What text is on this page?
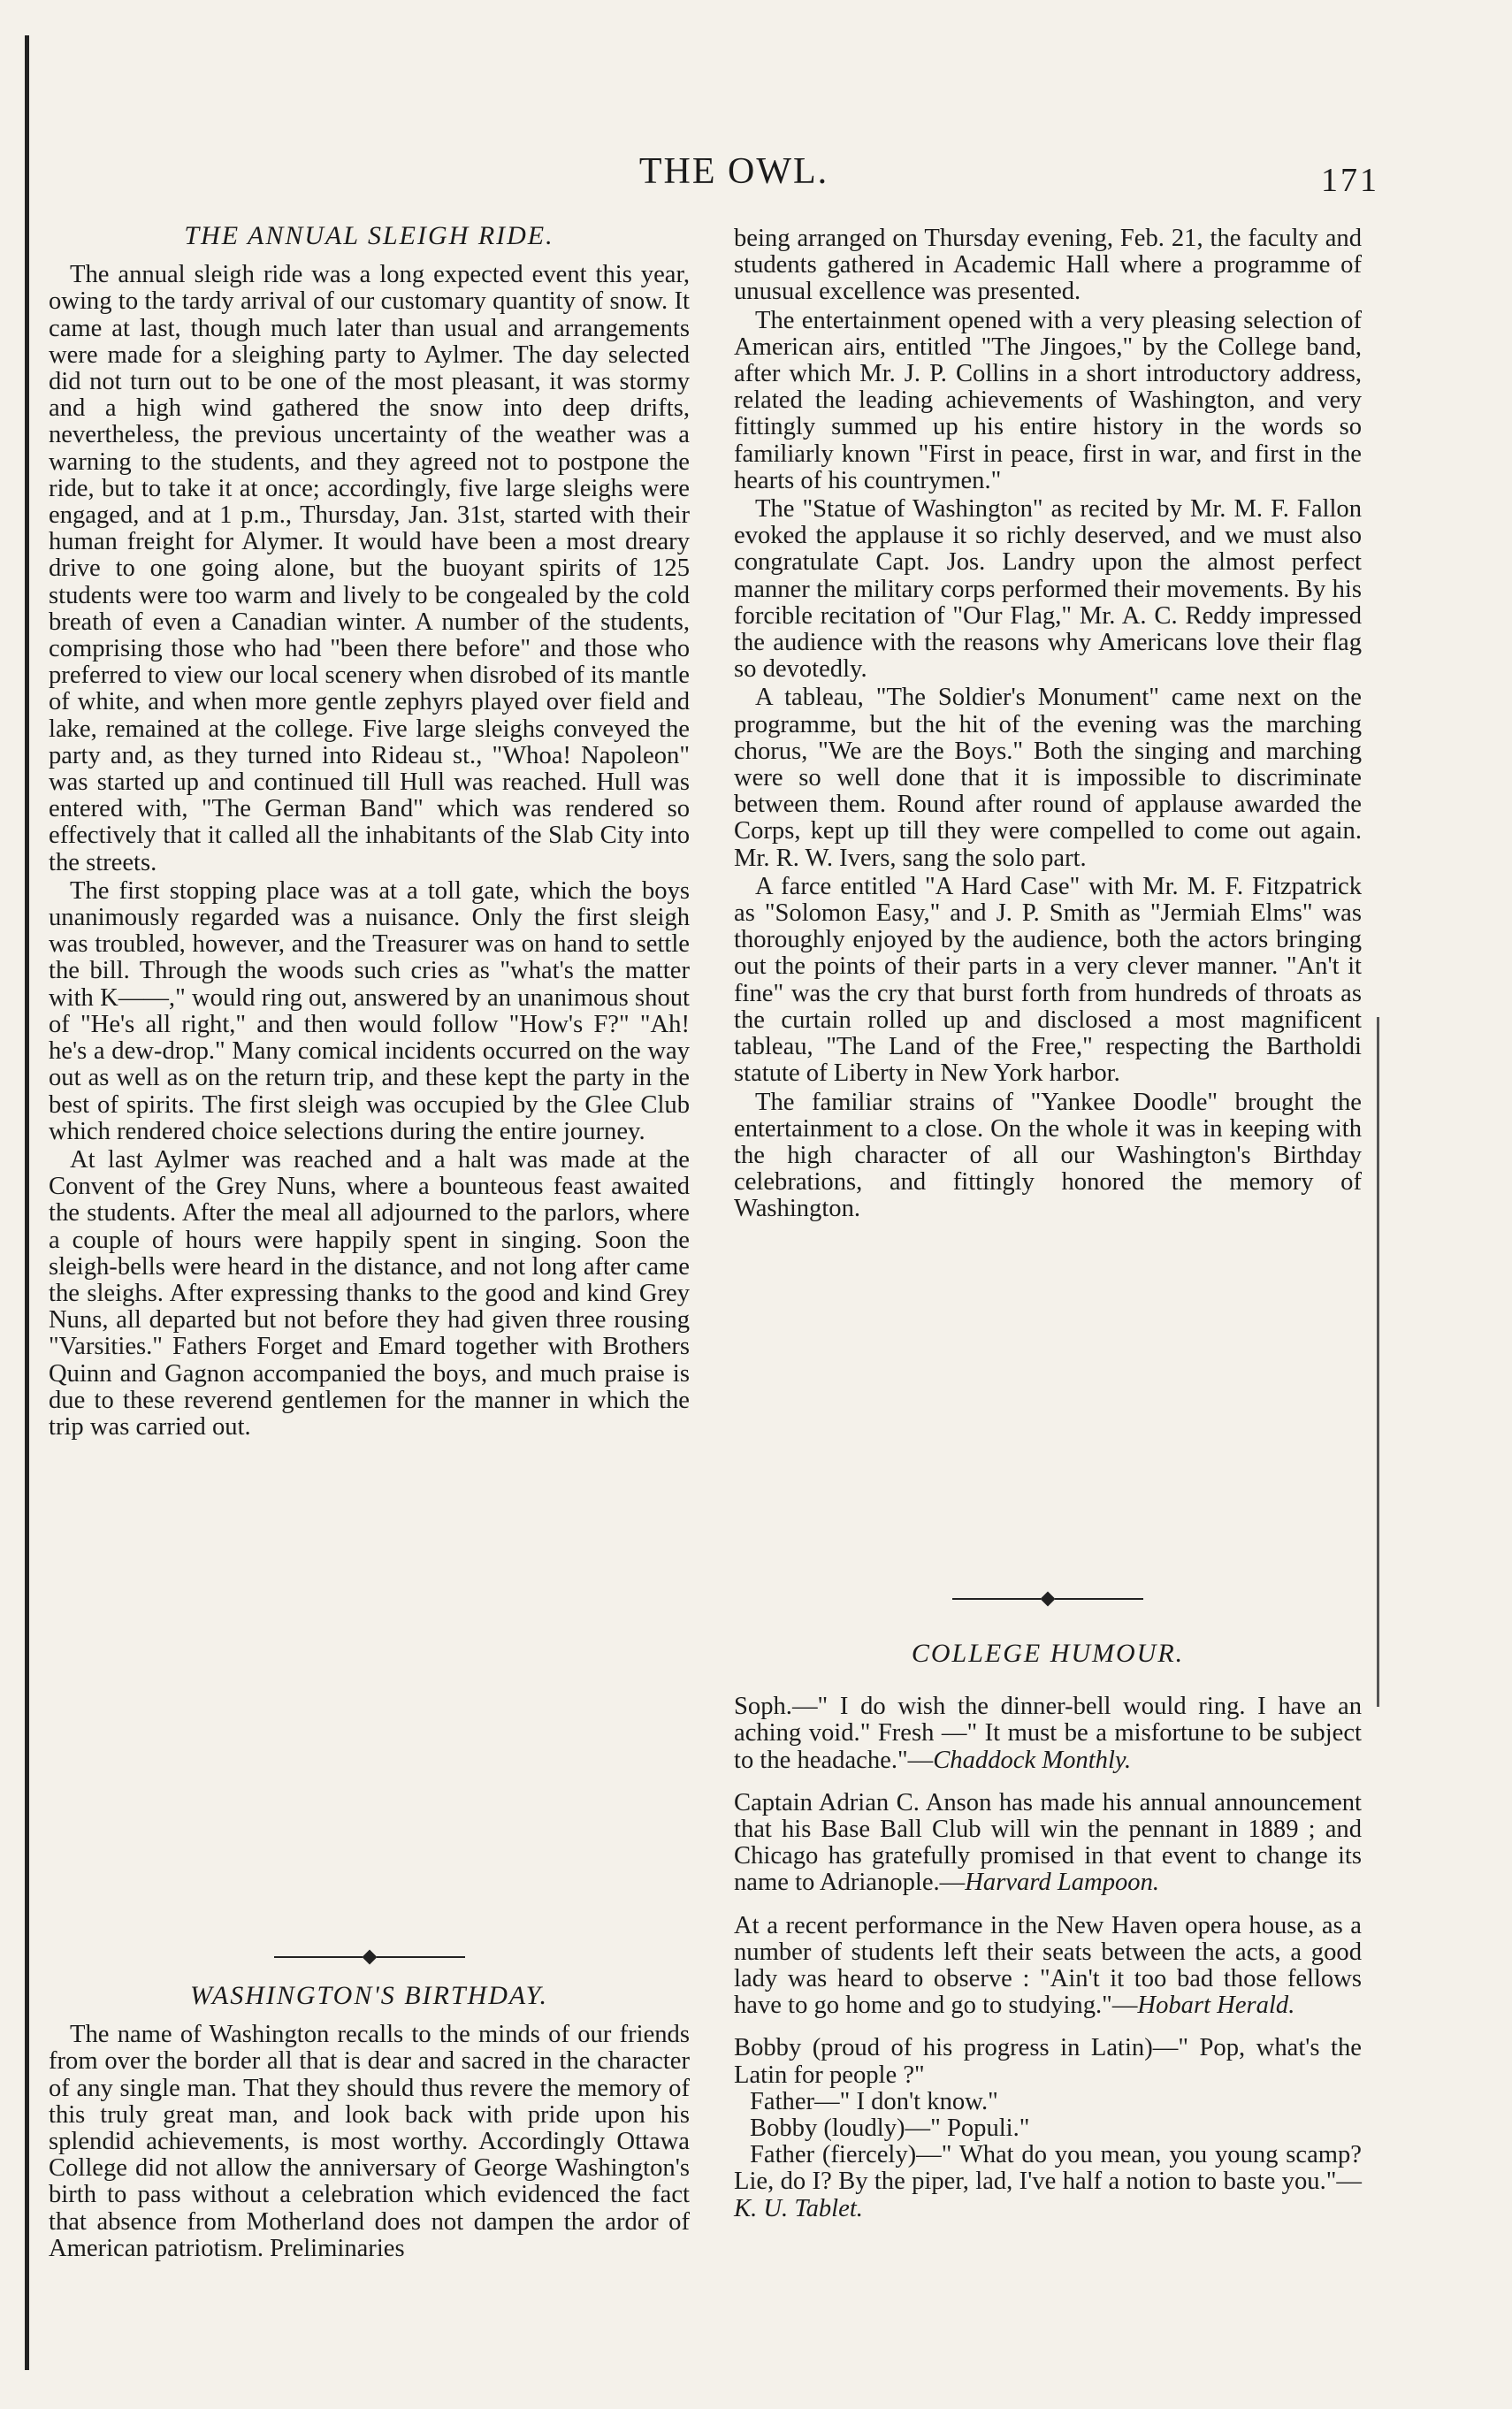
THE OWL.	171
THE ANNUAL SLEIGH RIDE.

The annual sleigh ride was a long expected event this year, owing to the tardy arrival of our customary quantity of snow. It came at last, though much later than usual and arrangements were made for a sleighing party to Aylmer. The day selected did not turn out to be one of the most pleasant, it was stormy and a high wind gathered the snow into deep drifts, nevertheless, the previous uncertainty of the weather was a warning to the students, and they agreed not to postpone the ride, but to take it at once; accordingly, five large sleighs were engaged, and at 1 p.m., Thursday, Jan. 31st, started with their human freight for Alymer. It would have been a most dreary drive to one going alone, but the buoyant spirits of 125 students were too warm and lively to be congealed by the cold breath of even a Canadian winter. A number of the students, comprising those who had "been there before" and those who preferred to view our local scenery when disrobed of its mantle of white, and when more gentle zephyrs played over field and lake, remained at the college. Five large sleighs conveyed the party and, as they turned into Rideau st., "Whoa! Napoleon" was started up and continued till Hull was reached. Hull was entered with, "The German Band" which was rendered so effectively that it called all the inhabitants of the Slab City into the streets.

The first stopping place was at a toll gate, which the boys unanimously regarded was a nuisance. Only the first sleigh was troubled, however, and the Treasurer was on hand to settle the bill. Through the woods such cries as "what's the matter with K——," would ring out, answered by an unanimous shout of "He's all right," and then would follow "How's F?" "Ah! he's a dew-drop." Many comical incidents occurred on the way out as well as on the return trip, and these kept the party in the best of spirits. The first sleigh was occupied by the Glee Club which rendered choice selections during the entire journey.

At last Aylmer was reached and a halt was made at the Convent of the Grey Nuns, where a bounteous feast awaited the students. After the meal all adjourned to the parlors, where a couple of hours were happily spent in singing. Soon the sleigh-bells were heard in the distance, and not long after came the sleighs. After expressing thanks to the good and kind Grey Nuns, all departed but not before they had given three rousing "Varsities." Fathers Forget and Emard together with Brothers Quinn and Gagnon accompanied the boys, and much praise is due to these reverend gentlemen for the manner in which the trip was carried out.

WASHINGTON'S BIRTHDAY.

The name of Washington recalls to the minds of our friends from over the border all that is dear and sacred in the character of any single man. That they should thus revere the memory of this truly great man, and look back with pride upon his splendid achievements, is most worthy. Accordingly Ottawa College did not allow the anniversary of George Washington's birth to pass without a celebration which evidenced the fact that absence from Motherland does not dampen the ardor of American patriotism. Preliminaries

being arranged on Thursday evening, Feb. 21, the faculty and students gathered in Academic Hall where a programme of unusual excellence was presented.

The entertainment opened with a very pleasing selection of American airs, entitled "The Jingoes," by the College band, after which Mr. J. P. Collins in a short introductory address, related the leading achievements of Washington, and very fittingly summed up his entire history in the words so familiarly known "First in peace, first in war, and first in the hearts of his countrymen."

The "Statue of Washington" as recited by Mr. M. F. Fallon evoked the applause it so richly deserved, and we must also congratulate Capt. Jos. Landry upon the almost perfect manner the military corps performed their movements. By his forcible recitation of "Our Flag," Mr. A. C. Reddy impressed the audience with the reasons why Americans love their flag so devotedly.

A tableau, "The Soldier's Monument" came next on the programme, but the hit of the evening was the marching chorus, "We are the Boys." Both the singing and marching were so well done that it is impossible to discriminate between them. Round after round of applause awarded the Corps, kept up till they were compelled to come out again. Mr. R. W. Ivers, sang the solo part.

A farce entitled "A Hard Case" with Mr. M. F. Fitzpatrick as "Solomon Easy," and J. P. Smith as "Jermiah Elms" was thoroughly enjoyed by the audience, both the actors bringing out the points of their parts in a very clever manner. "An't it fine" was the cry that burst forth from hundreds of throats as the curtain rolled up and disclosed a most magnificent tableau, "The Land of the Free," respecting the Bartholdi statute of Liberty in New York harbor.

The familiar strains of "Yankee Doodle" brought the entertainment to a close. On the whole it was in keeping with the high character of all our Washington's Birthday celebrations, and fittingly honored the memory of Washington.

COLLEGE HUMOUR.

Soph.—" I do wish the dinner-bell would ring. I have an aching void." Fresh —" It must be a misfortune to be subject to the headache."—Chaddock Monthly.

Captain Adrian C. Anson has made his annual announcement that his Base Ball Club will win the pennant in 1889 ; and Chicago has gratefully promised in that event to change its name to Adrianople.—Harvard Lampoon.

At a recent performance in the New Haven opera house, as a number of students left their seats between the acts, a good lady was heard to observe : "Ain't it too bad those fellows have to go home and go to studying."—Hobart Herald.

Bobby (proud of his progress in Latin)—" Pop, what's the Latin for people ?"

Father—" I don't know."

Bobby (loudly)—" Populi."

Father (fiercely)—" What do you mean, you young scamp? Lie, do I? By the piper, lad, I've half a notion to baste you."—K. U. Tablet.
